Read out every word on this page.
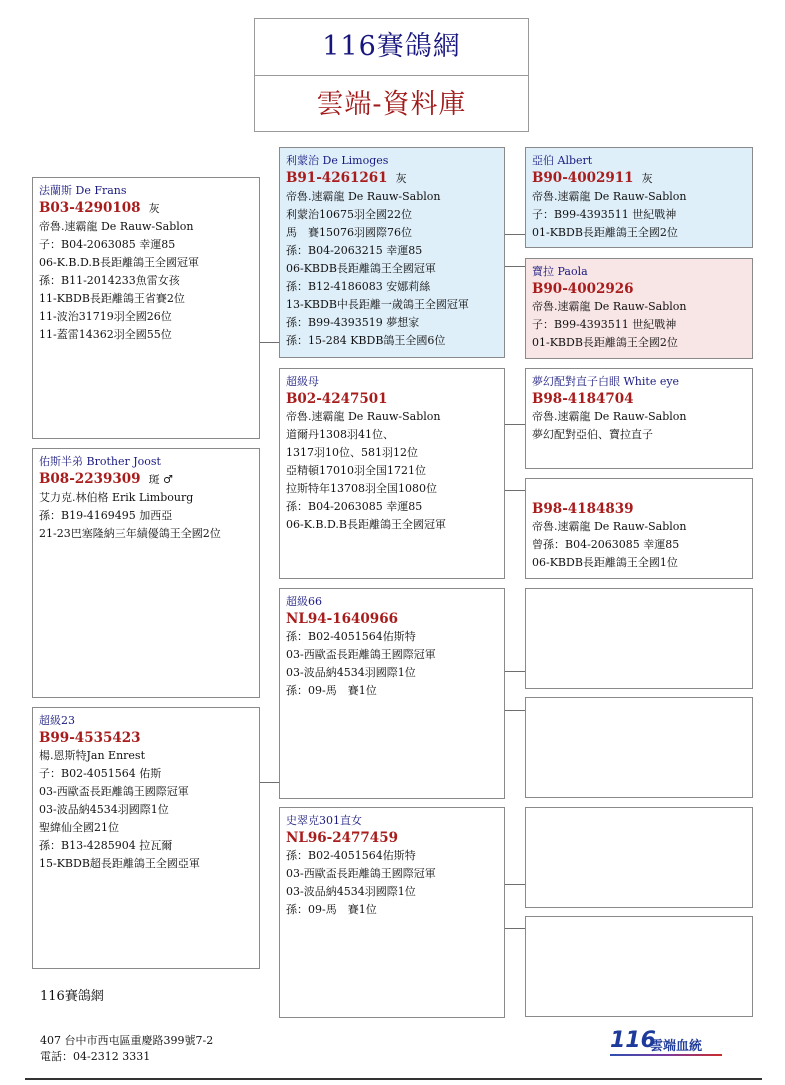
116賽鴿網
雲端-資料庫
法蘭斯 De Frans
B03-4290108 灰
帝魯.速霸龍 De Rauw-Sablon
子：B04-2063085 幸運85
06-K.B.D.B長距離鴿王全國冠軍
孫：B11-2014233魚雷女孩
11-KBDB長距離鴿王省賽2位
11-波治31719羽全國26位
11-蓋雷14362羽全國55位
佑斯半弟 Brother Joost
B08-2239309 斑 ♂
艾力克.林伯格 Erik Limbourg
孫：B19-4169495 加西亞
21-23巴塞隆納三年績優鴿王全國2位
超級23
B99-4535423
楊.恩斯特Jan Enrest
子：B02-4051564 佑斯
03-西歐盃長距離鴿王國際冠軍
03-波品納4534羽國際1位
聖緯仙全國21位
孫：B13-4285904 拉瓦爾
15-KBDB超長距離鴿王全國亞軍
利蒙治 De Limoges
B91-4261261 灰
帝魯.速霸龍 De Rauw-Sablon
利蒙治10675羽全國22位
馬　賽15076羽國際76位
孫：B04-2063215 幸運85
06-KBDB長距離鴿王全國冠軍
孫：B12-4186083 安娜莉絲
13-KBDB中長距離一歲鴿王全國冠軍
孫：B99-4393519 夢想家
孫：15-284 KBDB鴿王全國6位
超級母
B02-4247501
帝魯.速霸龍 De Rauw-Sablon
道爾丹1308羽41位、
1317羽10位、581羽12位
亞精頓17010羽全国1721位
拉斯特年13708羽全国1080位
孫：B04-2063085 幸運85
06-K.B.D.B長距離鴿王全國冠軍
超級66
NL94-1640966
孫：B02-4051564佑斯特
03-西歐盃長距離鴿王國際冠軍
03-波品納4534羽國際1位
孫：09-馬　賽1位
史翠克301直女
NL96-2477459
孫：B02-4051564佑斯特
03-西歐盃長距離鴿王國際冠軍
03-波品納4534羽國際1位
孫：09-馬　賽1位
亞伯 Albert
B90-4002911 灰
帝魯.速霸龍 De Rauw-Sablon
子：B99-4393511 世紀戰神
01-KBDB長距離鴿王全國2位
寶拉 Paola
B90-4002926
帝魯.速霸龍 De Rauw-Sablon
子：B99-4393511 世紀戰神
01-KBDB長距離鴿王全國2位
夢幻配對直子白眼 White eye
B98-4184704
帝魯.速霸龍 De Rauw-Sablon
夢幻配對亞伯、寶拉直子

B98-4184839
帝魯.速霸龍 De Rauw-Sablon
曾孫：B04-2063085 幸運85
06-KBDB長距離鴿王全國1位
116賽鴿網
407 台中市西屯區重慶路399號7-2
電話：04-2312 3331
116
雲端血統
